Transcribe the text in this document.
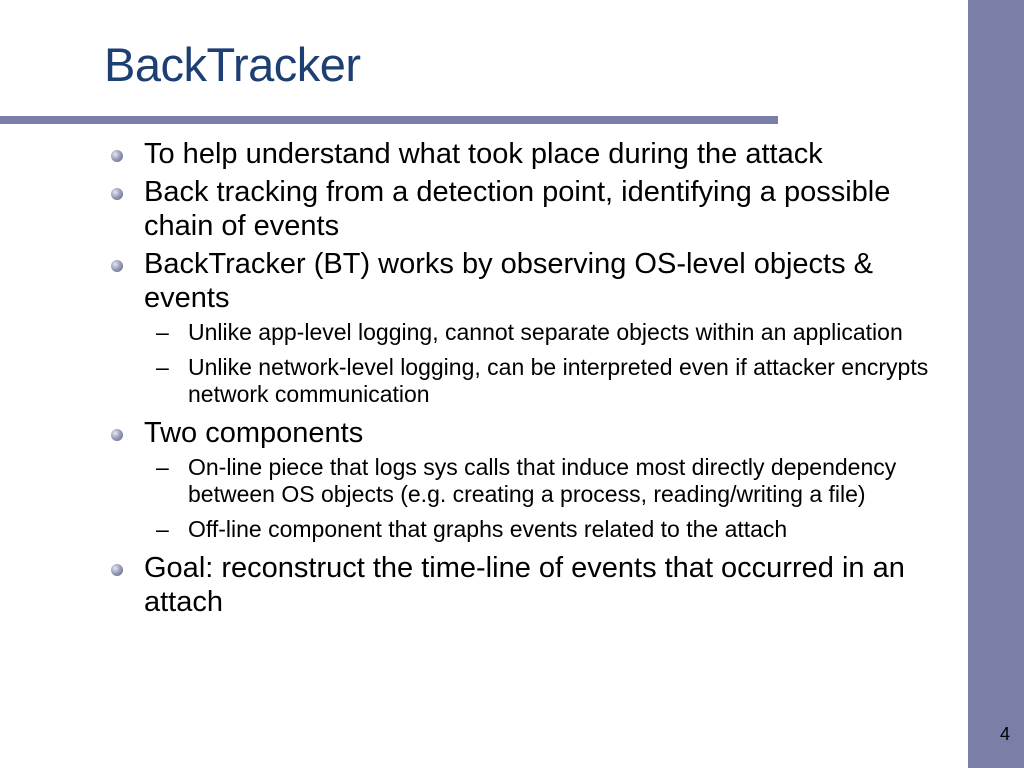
BackTracker
To help understand what took place during the attack
Back tracking from a detection point, identifying a possible chain of events
BackTracker (BT) works by observing OS-level objects & events
– Unlike app-level logging, cannot separate objects within an application
– Unlike network-level logging, can be interpreted even if attacker encrypts network communication
Two components
– On-line piece that logs sys calls that induce most directly dependency between OS objects (e.g. creating a process, reading/writing a file)
– Off-line component that graphs events related to the attach
Goal: reconstruct the time-line of events that occurred in an attach
4
